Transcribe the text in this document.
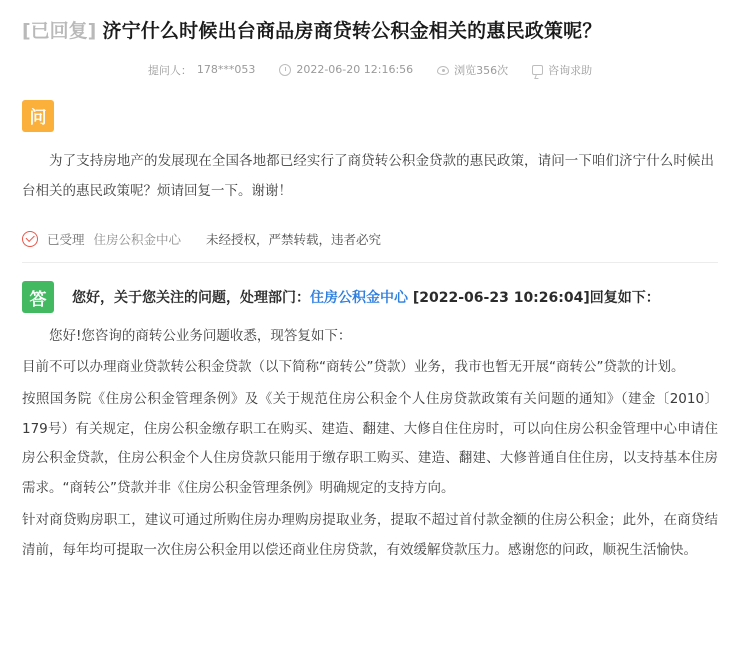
[已回复] 济宁什么时候出台商品房商贷转公积金相关的惠民政策呢？
提问人： 178***053	2022-06-20 12:16:56	浏览356次	咨询求助
问
为了支持房地产的发展现在全国各地都已经实行了商贷转公积金贷款的惠民政策，请问一下咱们济宁什么时候出台相关的惠民政策呢？烦请回复一下。谢谢！
已受理 住房公积金中心 未经授权，严禁转载，违者必究
答	您好，关于您关注的问题，处理部门：住房公积金中心 [2022-06-23 10:26:04]回复如下：

您好!您咨询的商转公业务问题收悉，现答复如下：

目前不可以办理商业贷款转公积金贷款（以下简称“商转公”贷款）业务，我市也暂无开展“商转公”贷款的计划。

按照国务院《住房公积金管理条例》及《关于规范住房公积金个人住房贷款政策有关问题的通知》（建金〔2010〕179号）有关规定，住房公积金缴存职工在购买、建造、翻建、大修自住住房时，可以向住房公积金管理中心申请住房公积金贷款，住房公积金个人住房贷款只能用于缴存职工购买、建造、翻建、大修普通自住住房，以支持基本住房需求。“商转公”贷款并非《住房公积金管理条例》明确规定的支持方向。

针对商贷购房职工，建议可通过所购住房办理购房提取业务，提取不超过首付款金额的住房公积金；此外，在商贷结清前，每年均可提取一次住房公积金用以偿还商业住房贷款，有效缓解贷款压力。感谢您的问政，顺祝生活愉快。
